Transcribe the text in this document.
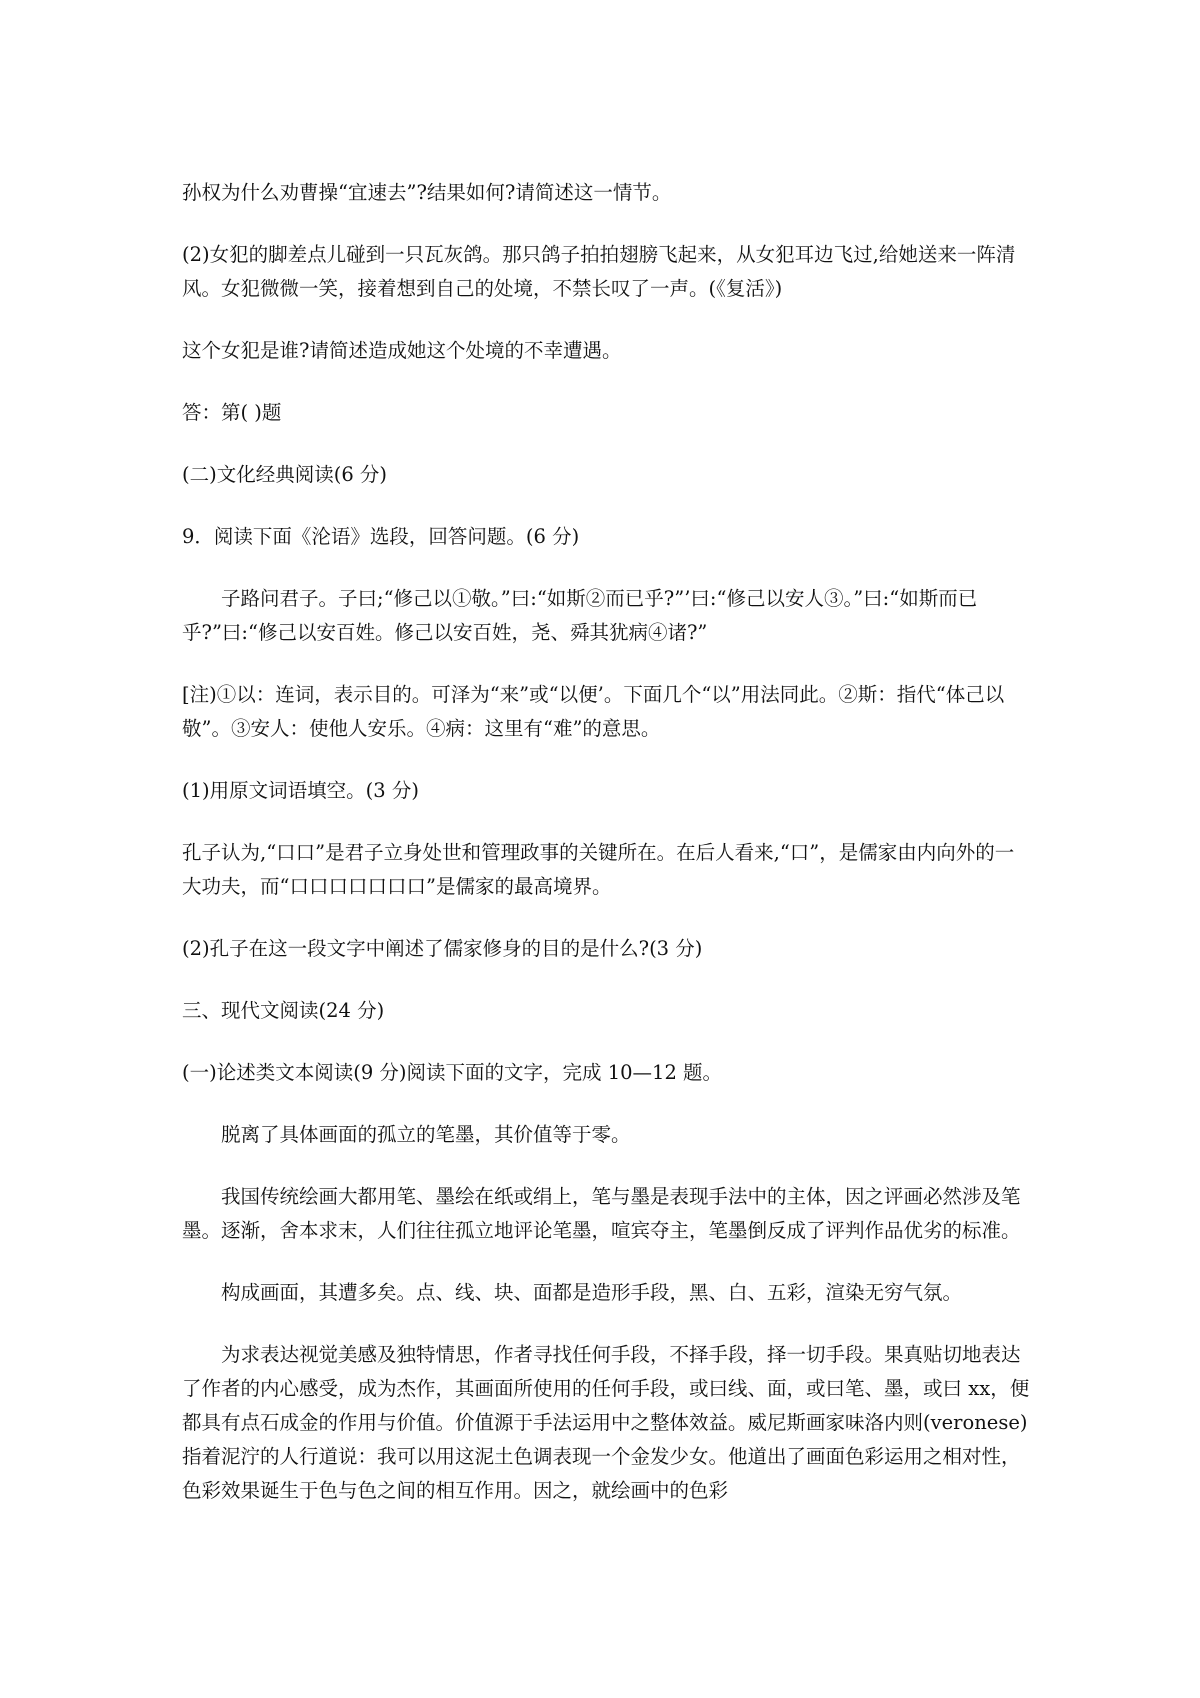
孙权为什么劝曹操“宜速去”?结果如何?请简述这一情节。

(2)女犯的脚差点儿碰到一只瓦灰鸽。那只鸽子拍拍翅膀飞起来，从女犯耳边飞过,给她送来一阵清风。女犯微微一笑，接着想到自己的处境，不禁长叹了一声。(《复活》)

这个女犯是谁?请简述造成她这个处境的不幸遭遇。

答：第( )题

(二)文化经典阅读(6 分)

9．阅读下面《沦语》选段，回答问题。(6 分)

子路问君子。子曰;“修己以①敬。”曰:“如斯②而已乎?”’曰:“修己以安人③。”曰:“如斯而已乎?”曰:“修己以安百姓。修己以安百姓，尧、舜其犹病④诸?”

[注)①以：连词，表示目的。可泽为“来”或“以便’。下面几个“以”用法同此。②斯：指代“体己以敬”。③安人：使他人安乐。④病：这里有“难”的意思。

(1)用原文词语填空。(3 分)

孔子认为,“口口”是君子立身处世和管理政事的关键所在。在后人看来,“口”，是儒家由内向外的一大功夫，而“口口口口口口口”是儒家的最高境界。

(2)孔子在这一段文字中阐述了儒家修身的目的是什么?(3 分)

三、现代文阅读(24 分)

(一)论述类文本阅读(9 分)阅读下面的文字，完成 10—12 题。

脱离了具体画面的孤立的笔墨，其价值等于零。

我国传统绘画大都用笔、墨绘在纸或绢上，笔与墨是表现手法中的主体，因之评画必然涉及笔墨。逐渐，舍本求末，人们往往孤立地评论笔墨，喧宾夺主，笔墨倒反成了评判作品优劣的标准。

构成画面，其遭多矣。点、线、块、面都是造形手段，黑、白、五彩，渲染无穷气氛。

为求表达视觉美感及独特情思，作者寻找任何手段，不择手段，择一切手段。果真贴切地表达了作者的内心感受，成为杰作，其画面所使用的任何手段，或曰线、面，或曰笔、墨，或曰 xx，便都具有点石成金的作用与价值。价值源于手法运用中之整体效益。威尼斯画家味洛内则(veronese)指着泥泞的人行道说：我可以用这泥土色调表现一个金发少女。他道出了画面色彩运用之相对性，色彩效果诞生于色与色之间的相互作用。因之，就绘画中的色彩
